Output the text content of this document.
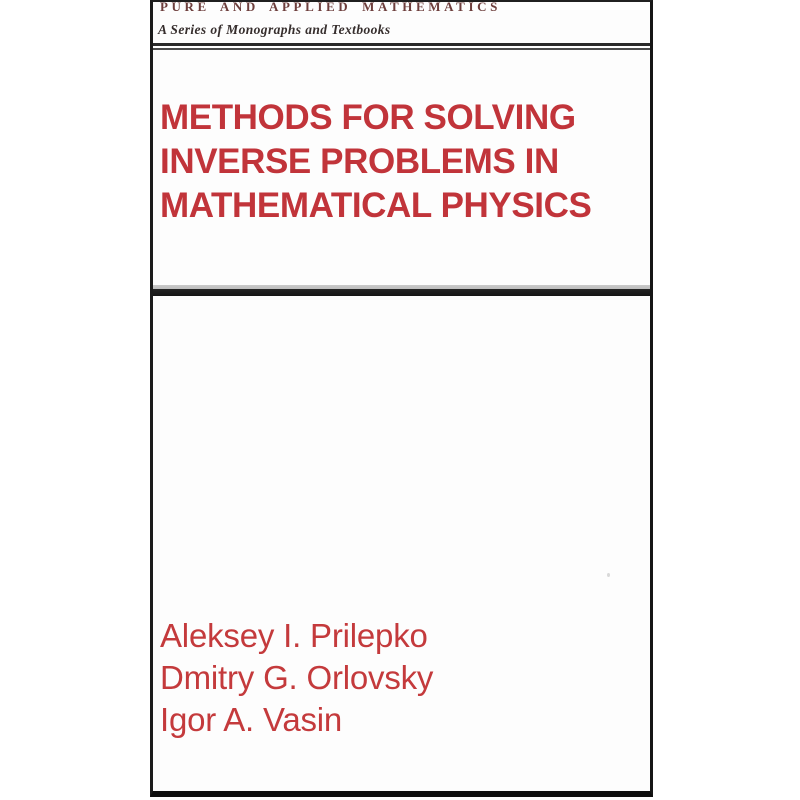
PURE AND APPLIED MATHEMATICS
A Series of Monographs and Textbooks
METHODS FOR SOLVING
INVERSE PROBLEMS IN
MATHEMATICAL PHYSICS
Aleksey I. Prilepko
Dmitry G. Orlovsky
Igor A. Vasin
